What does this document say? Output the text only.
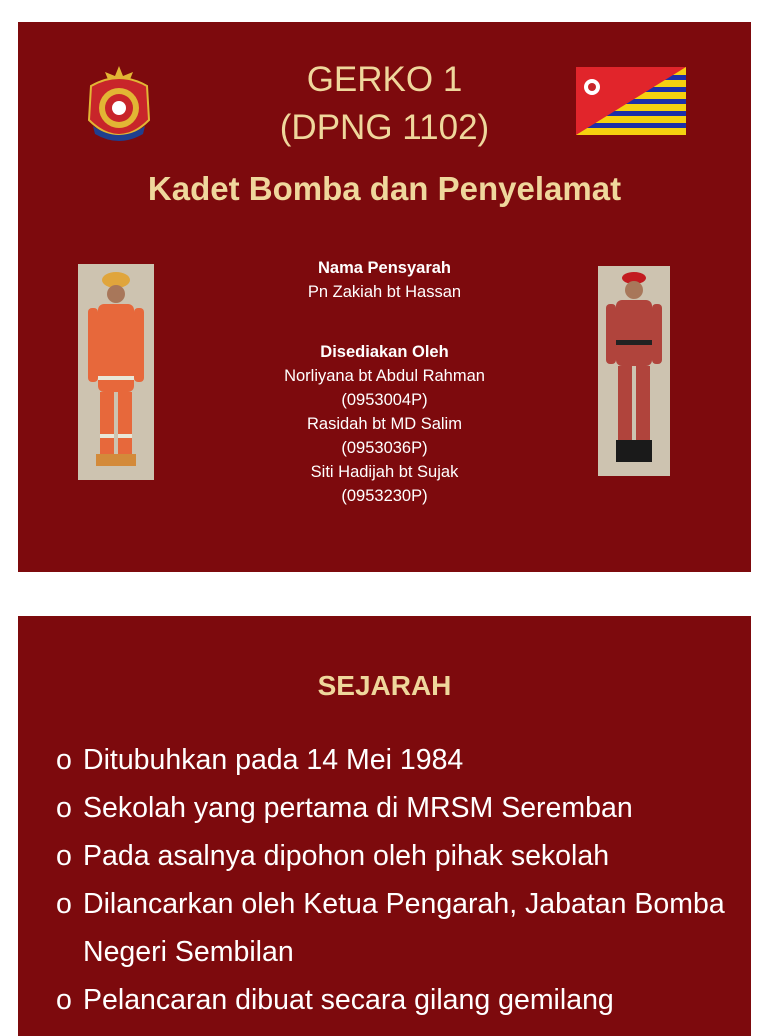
GERKO 1
(DPNG 1102)
Kadet Bomba dan Penyelamat
Nama Pensyarah
Pn Zakiah bt Hassan
Disediakan Oleh
Norliyana bt Abdul Rahman
(0953004P)
Rasidah bt MD Salim
(0953036P)
Siti Hadijah bt Sujak
(0953230P)
SEJARAH
o Ditubuhkan pada 14 Mei 1984
o Sekolah yang pertama di MRSM Seremban
o Pada asalnya dipohon oleh pihak sekolah
o Dilancarkan oleh Ketua Pengarah, Jabatan Bomba Negeri Sembilan
o Pelancaran dibuat secara gilang gemilang
